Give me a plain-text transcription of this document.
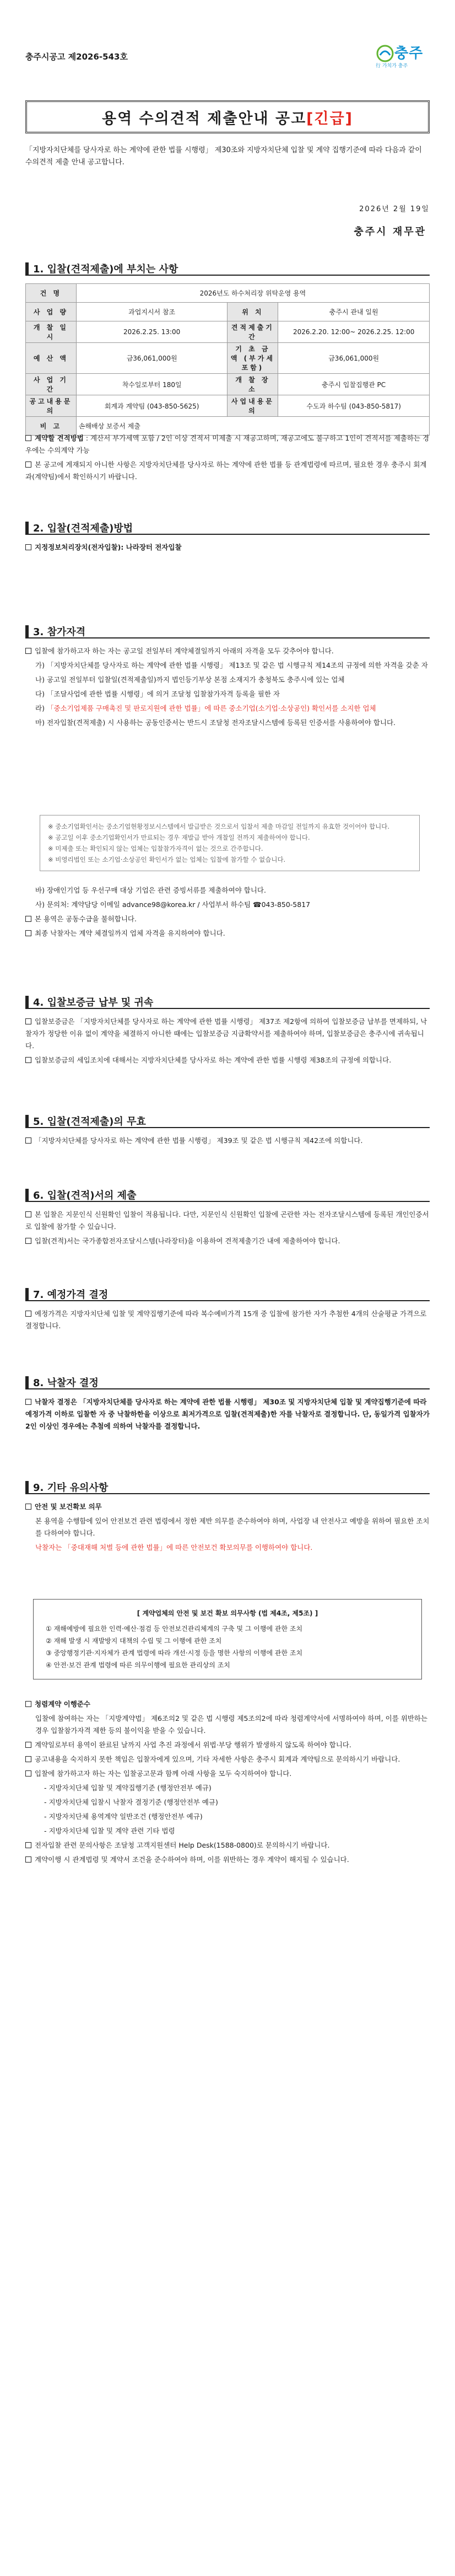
충주시공고 제2026-543호	충주
行 가치가 충주
용역 수의견적 제출안내 공고 [긴급]
「지방자치단체를 당사자로 하는 계약에 관한 법률 시행령」 제30조와 지방자치단체 입찰 및 계약 집행기준에 따라 다음과 같이 수의견적 제출 안내 공고합니다.
2026년 2월 19일
충주시 재무관
1. 입찰(견적제출)에 부치는 사항
건 명	2026년도 하수처리장 위탁운영 용역		
사 업 량	과업지시서 참조	위 치	충주시 관내 일원
개 찰 일 시	2026.2.25. 13:00	견적제출기간	2026.2.20. 12:00~ 2026.2.25. 12:00
예 산 액	금36,061,000원	기 초 금 액 (부가세포함)	금36,061,000원
사 업 기 간	착수일로부터 180일	개 찰 장 소	충주시 입찰집행관 PC
공고내용문의	회계과 계약팀 (043-850-5625)	사업내용문의	수도과 하수팀 (043-850-5817)
비 고	손해배상 보증서 제출		

계약할 견적방법 : 계산서 부가세액 포함 / 2인 이상 견적서 미제출 시 재공고하며, 재공고에도 불구하고 1인이 견적서를 제출하는 경우에는 수의계약 가능

본 공고에 게재되지 아니한 사항은 지방자치단체를 당사자로 하는 계약에 관한 법률 등 관계법령에 따르며, 필요한 경우 충주시 회계과(계약팀)에서 확인하시기 바랍니다.

2. 입찰(견적제출)방법

지정정보처리장치(전자입찰): 나라장터 전자입찰

3. 참가자격

입찰에 참가하고자 하는 자는 공고일 전일부터 계약체결일까지 아래의 자격을 모두 갖추어야 합니다.

가) 「지방자치단체를 당사자로 하는 계약에 관한 법률 시행령」 제13조 및 같은 법 시행규칙 제14조의 규정에 의한 자격을 갖춘 자

나) 공고일 전일부터 입찰일(견적제출일)까지 법인등기부상 본점 소재지가 충청북도 충주시에 있는 업체

다) 「조달사업에 관한 법률 시행령」에 의거 조달청 입찰참가자격 등록을 필한 자

라) 「중소기업제품 구매촉진 및 판로지원에 관한 법률」에 따른 중소기업(소기업·소상공인) 확인서를 소지한 업체

마) 전자입찰(견적제출) 시 사용하는 공동인증서는 반드시 조달청 전자조달시스템에 등록된 인증서를 사용하여야 합니다.

※ 중소기업확인서는 중소기업현황정보시스템에서 발급받은 것으로서 입찰서 제출 마감일 전일까지 유효한 것이어야 합니다.
※ 공고일 이후 중소기업확인서가 만료되는 경우 재발급 받아 개찰일 전까지 제출하여야 합니다.
※ 미제출 또는 확인되지 않는 업체는 입찰참가자격이 없는 것으로 간주합니다.
※ 비영리법인 또는 소기업·소상공인 확인서가 없는 업체는 입찰에 참가할 수 없습니다.

바) 장애인기업 등 우선구매 대상 기업은 관련 증빙서류를 제출하여야 합니다.

사) 문의처: 계약담당 이메일 advance98@korea.kr / 사업부서 하수팀 ☎043-850-5817

본 용역은 공동수급을 불허합니다.

최종 낙찰자는 계약 체결일까지 업체 자격을 유지하여야 합니다.

4. 입찰보증금 납부 및 귀속

입찰보증금은 「지방자치단체를 당사자로 하는 계약에 관한 법률 시행령」 제37조 제2항에 의하여 입찰보증금 납부를 면제하되, 낙찰자가 정당한 이유 없이 계약을 체결하지 아니한 때에는 입찰보증금 지급확약서를 제출하여야 하며, 입찰보증금은 충주시에 귀속됩니다.

입찰보증금의 세입조치에 대해서는 지방자치단체를 당사자로 하는 계약에 관한 법률 시행령 제38조의 규정에 의합니다.

5. 입찰(견적제출)의 무효

「지방자치단체를 당사자로 하는 계약에 관한 법률 시행령」 제39조 및 같은 법 시행규칙 제42조에 의합니다.

6. 입찰(견적)서의 제출

본 입찰은 지문인식 신원확인 입찰이 적용됩니다. 다만, 지문인식 신원확인 입찰에 곤란한 자는 전자조달시스템에 등록된 개인인증서로 입찰에 참가할 수 있습니다.

입찰(견적)서는 국가종합전자조달시스템(나라장터)을 이용하여 견적제출기간 내에 제출하여야 합니다.

7. 예정가격 결정

예정가격은 지방자치단체 입찰 및 계약집행기준에 따라 복수예비가격 15개 중 입찰에 참가한 자가 추첨한 4개의 산술평균 가격으로 결정합니다.

8. 낙찰자 결정

낙찰자 결정은 「지방자치단체를 당사자로 하는 계약에 관한 법률 시행령」 제30조 및 지방자치단체 입찰 및 계약집행기준에 따라 예정가격 이하로 입찰한 자 중 낙찰하한율 이상으로 최저가격으로 입찰(견적제출)한 자를 낙찰자로 결정합니다. 단, 동일가격 입찰자가 2인 이상인 경우에는 추첨에 의하여 낙찰자를 결정합니다.

9. 기타 유의사항

안전 및 보건확보 의무

본 용역을 수행함에 있어 안전보건 관련 법령에서 정한 제반 의무를 준수하여야 하며, 사업장 내 안전사고 예방을 위하여 필요한 조치를 다하여야 합니다.

낙찰자는 「중대재해 처벌 등에 관한 법률」에 따른 안전보건 확보의무를 이행하여야 합니다.

[ 계약업체의 안전 및 보건 확보 의무사항 (법 제4조, 제5조) ]
① 재해예방에 필요한 인력·예산·점검 등 안전보건관리체계의 구축 및 그 이행에 관한 조치
② 재해 발생 시 재발방지 대책의 수립 및 그 이행에 관한 조치
③ 중앙행정기관·지자체가 관계 법령에 따라 개선·시정 등을 명한 사항의 이행에 관한 조치
④ 안전·보건 관계 법령에 따른 의무이행에 필요한 관리상의 조치

청렴계약 이행준수

입찰에 참여하는 자는 「지방계약법」 제6조의2 및 같은 법 시행령 제5조의2에 따라 청렴계약서에 서명하여야 하며, 이를 위반하는 경우 입찰참가자격 제한 등의 불이익을 받을 수 있습니다.

계약일로부터 용역이 완료된 날까지 사업 추진 과정에서 위법·부당 행위가 발생하지 않도록 하여야 합니다.

공고내용을 숙지하지 못한 책임은 입찰자에게 있으며, 기타 자세한 사항은 충주시 회계과 계약팀으로 문의하시기 바랍니다.

입찰에 참가하고자 하는 자는 입찰공고문과 함께 아래 사항을 모두 숙지하여야 합니다.

- 지방자치단체 입찰 및 계약집행기준 (행정안전부 예규)

- 지방자치단체 입찰시 낙찰자 결정기준 (행정안전부 예규)

- 지방자치단체 용역계약 일반조건 (행정안전부 예규)

- 지방자치단체 입찰 및 계약 관련 기타 법령

전자입찰 관련 문의사항은 조달청 고객지원센터 Help Desk(1588-0800)로 문의하시기 바랍니다.

계약이행 시 관계법령 및 계약서 조건을 준수하여야 하며, 이를 위반하는 경우 계약이 해지될 수 있습니다.
